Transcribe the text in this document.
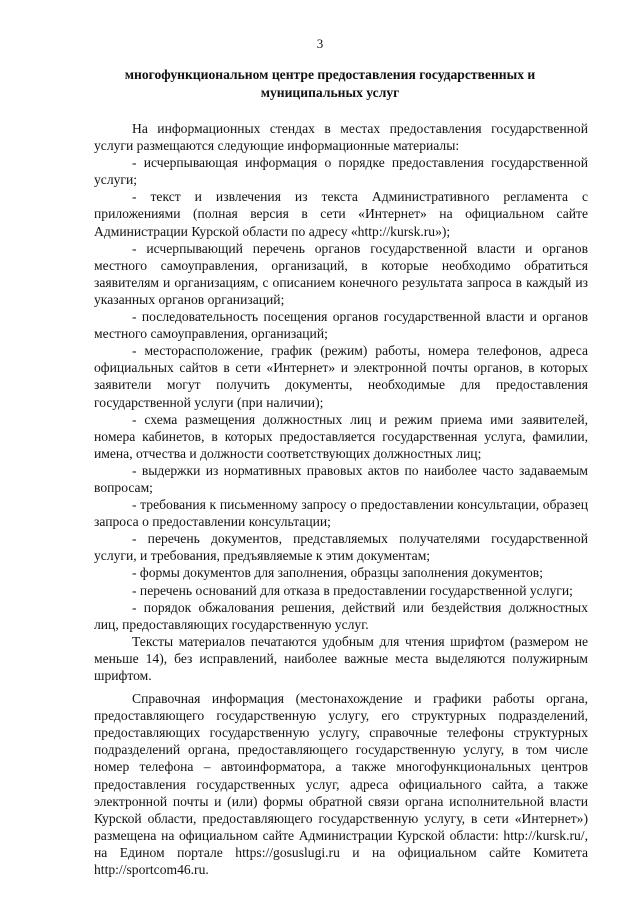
3
многофункциональном центре предоставления государственных и муниципальных услуг

На информационных стендах в местах предоставления государственной услуги размещаются следующие информационные материалы:

- исчерпывающая информация о порядке предоставления государственной услуги;

- текст и извлечения из текста Административного регламента с приложениями (полная версия в сети «Интернет» на официальном сайте Администрации Курской области по адресу «http://kursk.ru»);

- исчерпывающий перечень органов государственной власти и органов местного самоуправления, организаций, в которые необходимо обратиться заявителям и организациям, с описанием конечного результата запроса в каждый из указанных органов организаций;

- последовательность посещения органов государственной власти и органов местного самоуправления, организаций;

- месторасположение, график (режим) работы, номера телефонов, адреса официальных сайтов в сети «Интернет» и электронной почты органов, в которых заявители могут получить документы, необходимые для предоставления государственной услуги (при наличии);

- схема размещения должностных лиц и режим приема ими заявителей, номера кабинетов, в которых предоставляется государственная услуга, фамилии, имена, отчества и должности соответствующих должностных лиц;

- выдержки из нормативных правовых актов по наиболее часто задаваемым вопросам;

- требования к письменному запросу о предоставлении консультации, образец запроса о предоставлении консультации;

- перечень документов, представляемых получателями государственной услуги, и требования, предъявляемые к этим документам;

- формы документов для заполнения, образцы заполнения документов;

- перечень оснований для отказа в предоставлении государственной услуги;

- порядок обжалования решения, действий или бездействия должностных лиц, предоставляющих государственную услуг.

Тексты материалов печатаются удобным для чтения шрифтом (размером не меньше 14), без исправлений, наиболее важные места выделяются полужирным шрифтом.

Справочная информация (местонахождение и графики работы органа, предоставляющего государственную услугу, его структурных подразделений, предоставляющих государственную услугу, справочные телефоны структурных подразделений органа, предоставляющего государственную услугу, в том числе номер телефона – автоинформатора, а также многофункциональных центров предоставления государственных услуг, адреса официального сайта, а также электронной почты и (или) формы обратной связи органа исполнительной власти Курской области, предоставляющего государственную услугу, в сети «Интернет») размещена на официальном сайте Администрации Курской области: http://kursk.ru/, на Едином портале https://gosuslugi.ru и на официальном сайте Комитета http://sportcom46.ru.
